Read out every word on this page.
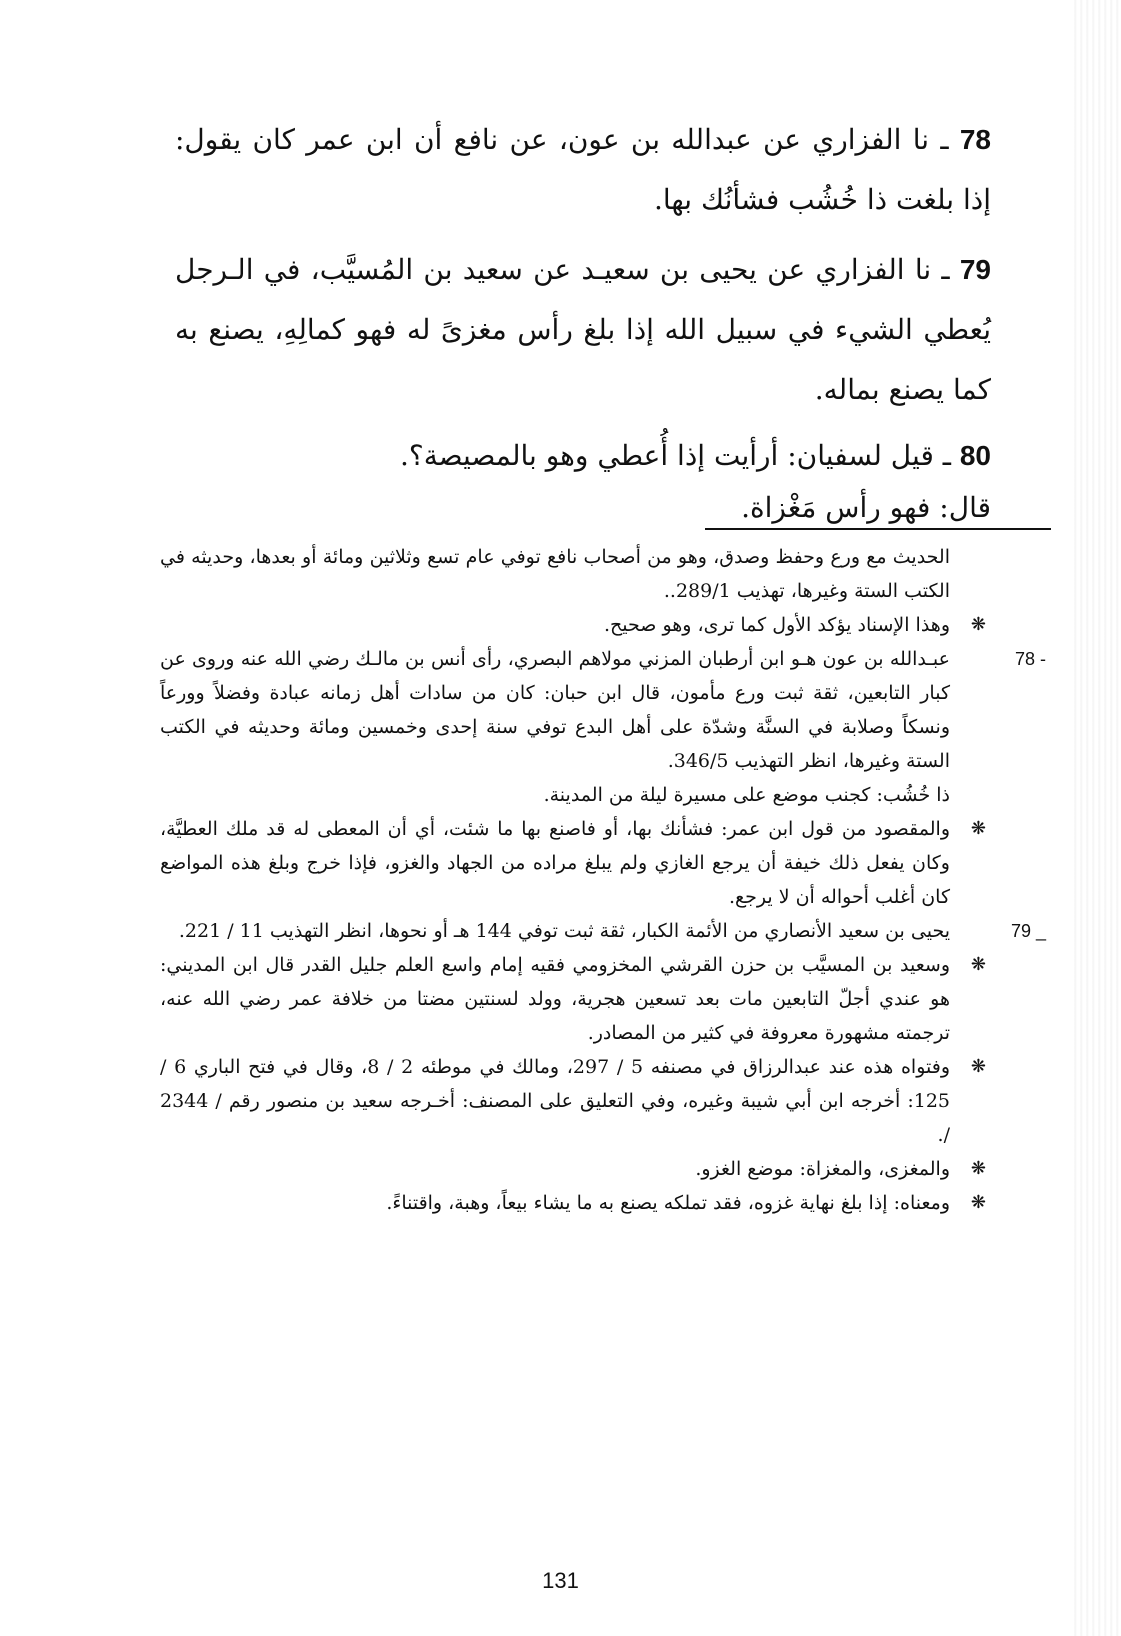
78 ـ نا الفزاري عن عبدالله بن عون، عن نافع أن ابن عمر كان يقول: إذا بلغت ذا خُشُب فشأنُك بها.

79 ـ نا الفزاري عن يحيى بن سعيـد عن سعيد بن المُسيَّب، في الـرجل يُعطي الشيء في سبيل الله إذا بلغ رأس مغزىً له فهو كمالِهِ، يصنع به كما يصنع بماله.

80 ـ قيل لسفيان: أرأيت إذا أُعطي وهو بالمصيصة؟.
قال: فهو رأس مَغْزاة.

الحديث مع ورع وحفظ وصدق، وهو من أصحاب نافع توفي عام تسع وثلاثين ومائة أو بعدها، وحديثه في الكتب الستة وغيرها، تهذيب 289/1..

❋
وهذا الإسناد يؤكد الأول كما ترى، وهو صحيح.

78 -
عبـدالله بن عون هـو ابن أرطبان المزني مولاهم البصري، رأى أنس بن مالـك رضي الله عنه وروى عن كبار التابعين، ثقة ثبت ورع مأمون، قال ابن حبان: كان من سادات أهل زمانه عبادة وفضلاً وورعاً ونسكاً وصلابة في السنَّة وشدّة على أهل البدع توفي سنة إحدى وخمسين ومائة وحديثه في الكتب الستة وغيرها، انظر التهذيب 346/5.
ذا خُشُب: كجنب موضع على مسيرة ليلة من المدينة.

❋
والمقصود من قول ابن عمر: فشأنك بها، أو فاصنع بها ما شئت، أي أن المعطى له قد ملك العطيَّة، وكان يفعل ذلك خيفة أن يرجع الغازي ولم يبلغ مراده من الجهاد والغزو، فإذا خرج وبلغ هذه المواضع كان أغلب أحواله أن لا يرجع.

79 _
يحيى بن سعيد الأنصاري من الأئمة الكبار، ثقة ثبت توفي 144 هـ أو نحوها، انظر التهذيب 11 / 221.

❋
وسعيد بن المسيَّب بن حزن القرشي المخزومي فقيه إمام واسع العلم جليل القدر قال ابن المديني: هو عندي أجلّ التابعين مات بعد تسعين هجرية، وولد لسنتين مضتا من خلافة عمر رضي الله عنه، ترجمته مشهورة معروفة في كثير من المصادر.

❋
وفتواه هذه عند عبدالرزاق في مصنفه 5 / 297، ومالك في موطئه 2 / 8، وقال في فتح الباري 6 / 125: أخرجه ابن أبي شيبة وغيره، وفي التعليق على المصنف: أخـرجه سعيد بن منصور رقم / 2344 /.

❋
والمغزى، والمغزاة: موضع الغزو.

❋
ومعناه: إذا بلغ نهاية غزوه، فقد تملكه يصنع به ما يشاء بيعاً، وهبة، واقتناءً.

131
